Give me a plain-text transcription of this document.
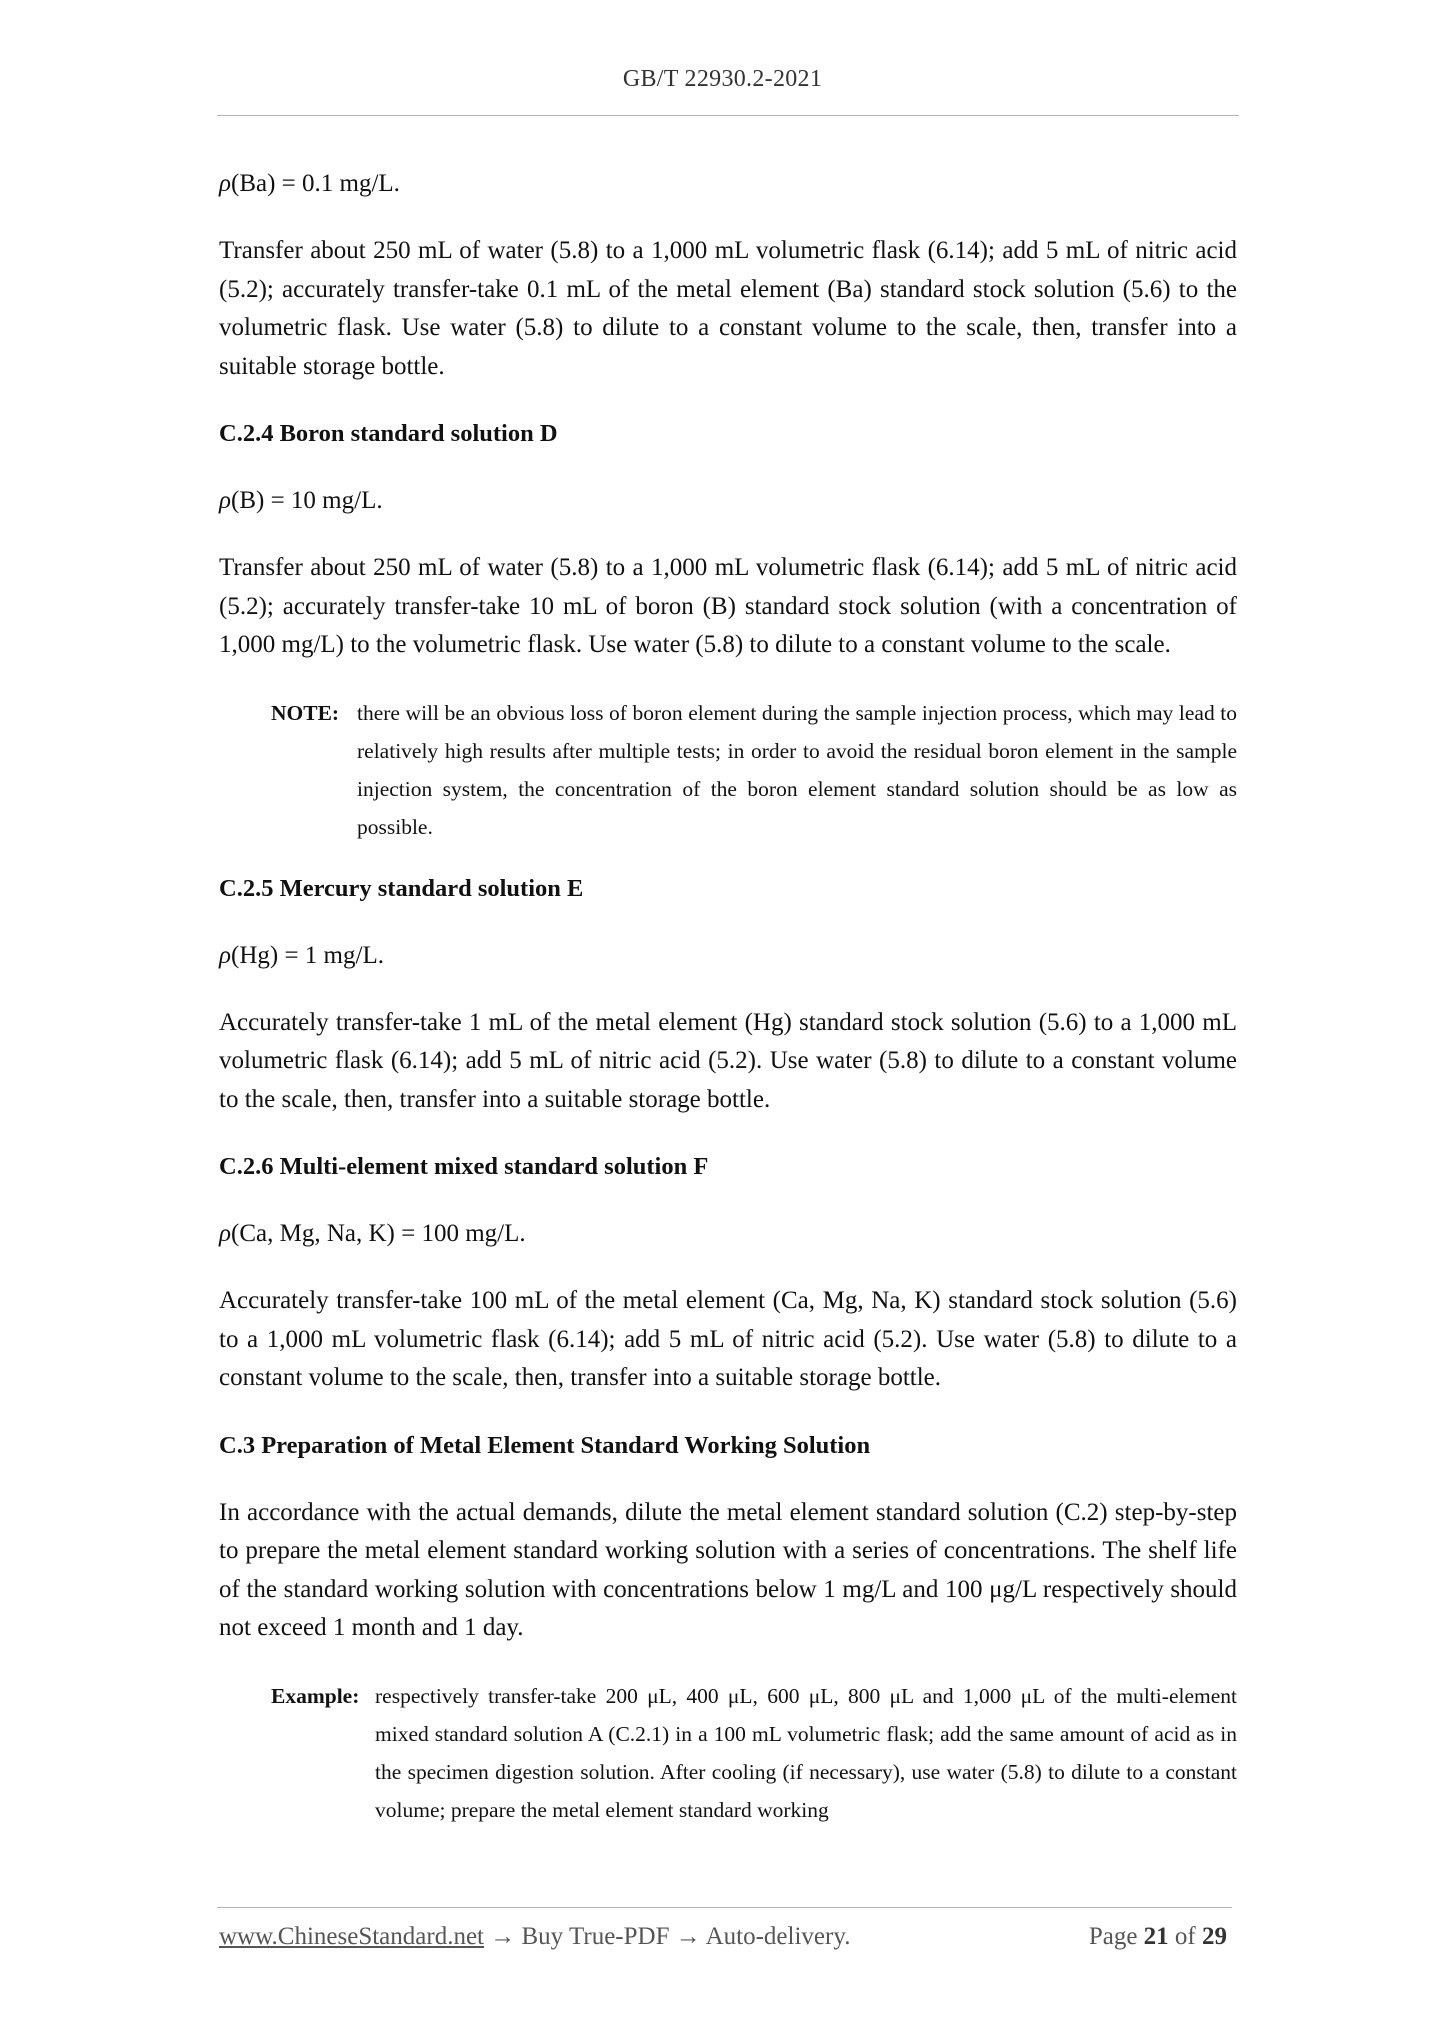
GB/T 22930.2-2021

ρ(Ba) = 0.1 mg/L.

Transfer about 250 mL of water (5.8) to a 1,000 mL volumetric flask (6.14); add 5 mL of nitric acid (5.2); accurately transfer-take 0.1 mL of the metal element (Ba) standard stock solution (5.6) to the volumetric flask. Use water (5.8) to dilute to a constant volume to the scale, then, transfer into a suitable storage bottle.

C.2.4 Boron standard solution D

ρ(B) = 10 mg/L.

Transfer about 250 mL of water (5.8) to a 1,000 mL volumetric flask (6.14); add 5 mL of nitric acid (5.2); accurately transfer-take 10 mL of boron (B) standard stock solution (with a concentration of 1,000 mg/L) to the volumetric flask. Use water (5.8) to dilute to a constant volume to the scale.

NOTE: there will be an obvious loss of boron element during the sample injection process, which may lead to relatively high results after multiple tests; in order to avoid the residual boron element in the sample injection system, the concentration of the boron element standard solution should be as low as possible.
C.2.5 Mercury standard solution E

ρ(Hg) = 1 mg/L.

Accurately transfer-take 1 mL of the metal element (Hg) standard stock solution (5.6) to a 1,000 mL volumetric flask (6.14); add 5 mL of nitric acid (5.2). Use water (5.8) to dilute to a constant volume to the scale, then, transfer into a suitable storage bottle.

C.2.6 Multi-element mixed standard solution F

ρ(Ca, Mg, Na, K) = 100 mg/L.

Accurately transfer-take 100 mL of the metal element (Ca, Mg, Na, K) standard stock solution (5.6) to a 1,000 mL volumetric flask (6.14); add 5 mL of nitric acid (5.2). Use water (5.8) to dilute to a constant volume to the scale, then, transfer into a suitable storage bottle.

C.3 Preparation of Metal Element Standard Working Solution

In accordance with the actual demands, dilute the metal element standard solution (C.2) step-by-step to prepare the metal element standard working solution with a series of concentrations. The shelf life of the standard working solution with concentrations below 1 mg/L and 100 μg/L respectively should not exceed 1 month and 1 day.

Example: respectively transfer-take 200 μL, 400 μL, 600 μL, 800 μL and 1,000 μL of the multi-element mixed standard solution A (C.2.1) in a 100 mL volumetric flask; add the same amount of acid as in the specimen digestion solution. After cooling (if necessary), use water (5.8) to dilute to a constant volume; prepare the metal element standard working
www.ChineseStandard.net → Buy True-PDF → Auto-delivery.	Page 21 of 29
